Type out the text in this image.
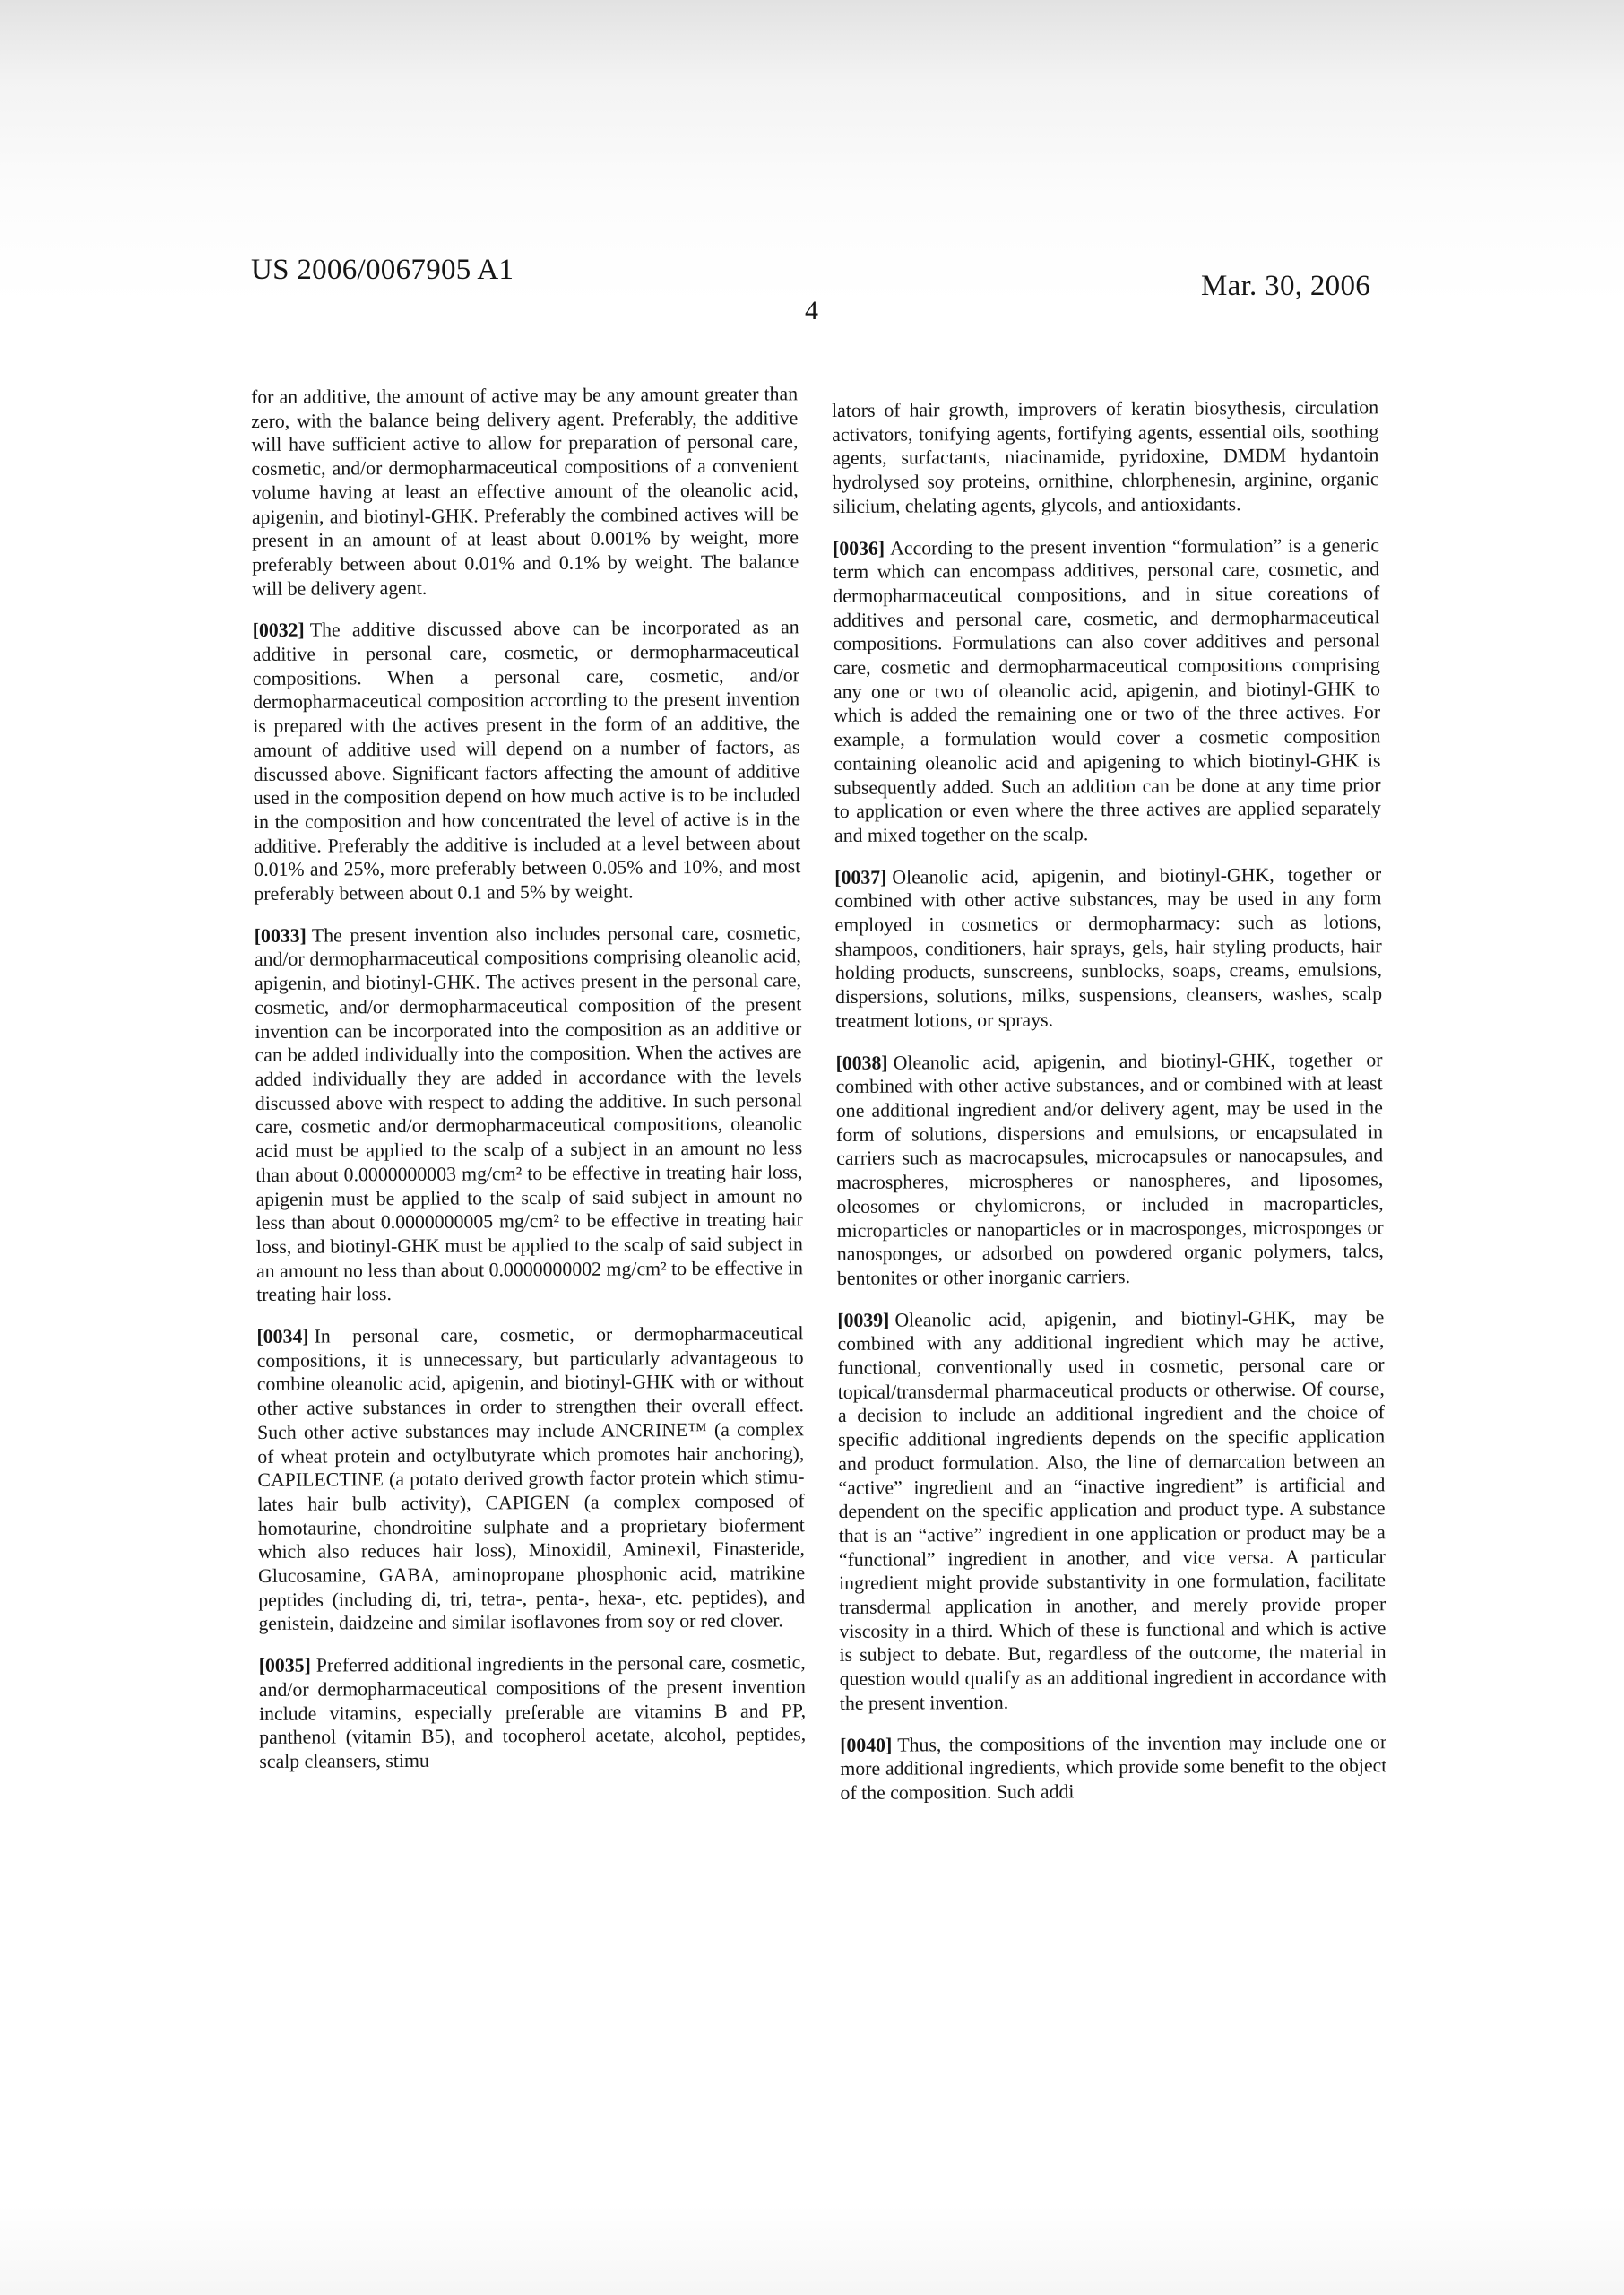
US 2006/0067905 A1
4
Mar. 30, 2006

for an additive, the amount of active may be any amount greater than zero, with the balance being delivery agent. Preferably, the additive will have sufficient active to allow for preparation of personal care, cosmetic, and/or dermopharmaceutical compositions of a convenient volume having at least an effective amount of the oleanolic acid, apigenin, and biotinyl-GHK. Preferably the combined actives will be present in an amount of at least about 0.001% by weight, more preferably between about 0.01% and 0.1% by weight. The balance will be delivery agent.

[0032] The additive discussed above can be incorporated as an additive in personal care, cosmetic, or dermopharmaceutical compositions. When a personal care, cosmetic, and/or dermopharmaceutical composition according to the present invention is prepared with the actives present in the form of an additive, the amount of additive used will depend on a number of factors, as discussed above. Significant factors affecting the amount of additive used in the composition depend on how much active is to be included in the composition and how concentrated the level of active is in the additive. Preferably the additive is included at a level between about 0.01% and 25%, more preferably between 0.05% and 10%, and most preferably between about 0.1 and 5% by weight.

[0033] The present invention also includes personal care, cosmetic, and/or dermopharmaceutical compositions comprising oleanolic acid, apigenin, and biotinyl-GHK. The actives present in the personal care, cosmetic, and/or dermopharmaceutical composition of the present invention can be incorporated into the composition as an additive or can be added individually into the composition. When the actives are added individually they are added in accordance with the levels discussed above with respect to adding the additive. In such personal care, cosmetic and/or dermopharmaceutical compositions, oleanolic acid must be applied to the scalp of a subject in an amount no less than about 0.0000000003 mg/cm² to be effective in treating hair loss, apigenin must be applied to the scalp of said subject in amount no less than about 0.0000000005 mg/cm² to be effective in treating hair loss, and biotinyl-GHK must be applied to the scalp of said subject in an amount no less than about 0.0000000002 mg/cm² to be effective in treating hair loss.

[0034] In personal care, cosmetic, or dermopharmaceutical compositions, it is unnecessary, but particularly advantageous to combine oleanolic acid, apigenin, and biotinyl-GHK with or without other active substances in order to strengthen their overall effect. Such other active substances may include ANCRINE™ (a complex of wheat protein and octylbutyrate which promotes hair anchoring), CAPILECTINE (a potato derived growth factor protein which stimulates hair bulb activity), CAPIGEN (a complex composed of homotaurine, chondroitine sulphate and a proprietary bioferment which also reduces hair loss), Minoxidil, Aminexil, Finasteride, Glucosamine, GABA, aminopropane phosphonic acid, matrikine peptides (including di, tri, tetra-, penta-, hexa-, etc. peptides), and genistein, daidzeine and similar isoflavones from soy or red clover.

[0035] Preferred additional ingredients in the personal care, cosmetic, and/or dermopharmaceutical compositions of the present invention include vitamins, especially preferable are vitamins B and PP, panthenol (vitamin B5), and tocopherol acetate, alcohol, peptides, scalp cleansers, stimu

lators of hair growth, improvers of keratin biosythesis, circulation activators, tonifying agents, fortifying agents, essential oils, soothing agents, surfactants, niacinamide, pyridoxine, DMDM hydantoin hydrolysed soy proteins, ornithine, chlorphenesin, arginine, organic silicium, chelating agents, glycols, and antioxidants.

[0036] According to the present invention “formulation” is a generic term which can encompass additives, personal care, cosmetic, and dermopharmaceutical compositions, and in situe coreations of additives and personal care, cosmetic, and dermopharmaceutical compositions. Formulations can also cover additives and personal care, cosmetic and dermopharmaceutical compositions comprising any one or two of oleanolic acid, apigenin, and biotinyl-GHK to which is added the remaining one or two of the three actives. For example, a formulation would cover a cosmetic composition containing oleanolic acid and apigening to which biotinyl-GHK is subsequently added. Such an addition can be done at any time prior to application or even where the three actives are applied separately and mixed together on the scalp.

[0037] Oleanolic acid, apigenin, and biotinyl-GHK, together or combined with other active substances, may be used in any form employed in cosmetics or dermopharmacy: such as lotions, shampoos, conditioners, hair sprays, gels, hair styling products, hair holding products, sunscreens, sunblocks, soaps, creams, emulsions, dispersions, solutions, milks, suspensions, cleansers, washes, scalp treatment lotions, or sprays.

[0038] Oleanolic acid, apigenin, and biotinyl-GHK, together or combined with other active substances, and or combined with at least one additional ingredient and/or delivery agent, may be used in the form of solutions, dispersions and emulsions, or encapsulated in carriers such as macrocapsules, microcapsules or nanocapsules, and macrospheres, microspheres or nanospheres, and liposomes, oleosomes or chylomicrons, or included in macroparticles, microparticles or nanoparticles or in macrosponges, microsponges or nanosponges, or adsorbed on powdered organic polymers, talcs, bentonites or other inorganic carriers.

[0039] Oleanolic acid, apigenin, and biotinyl-GHK, may be combined with any additional ingredient which may be active, functional, conventionally used in cosmetic, personal care or topical/transdermal pharmaceutical products or otherwise. Of course, a decision to include an additional ingredient and the choice of specific additional ingredients depends on the specific application and product formulation. Also, the line of demarcation between an “active” ingredient and an “inactive ingredient” is artificial and dependent on the specific application and product type. A substance that is an “active” ingredient in one application or product may be a “functional” ingredient in another, and vice versa. A particular ingredient might provide substantivity in one formulation, facilitate transdermal application in another, and merely provide proper viscosity in a third. Which of these is functional and which is active is subject to debate. But, regardless of the outcome, the material in question would qualify as an additional ingredient in accordance with the present invention.

[0040] Thus, the compositions of the invention may include one or more additional ingredients, which provide some benefit to the object of the composition. Such addi
